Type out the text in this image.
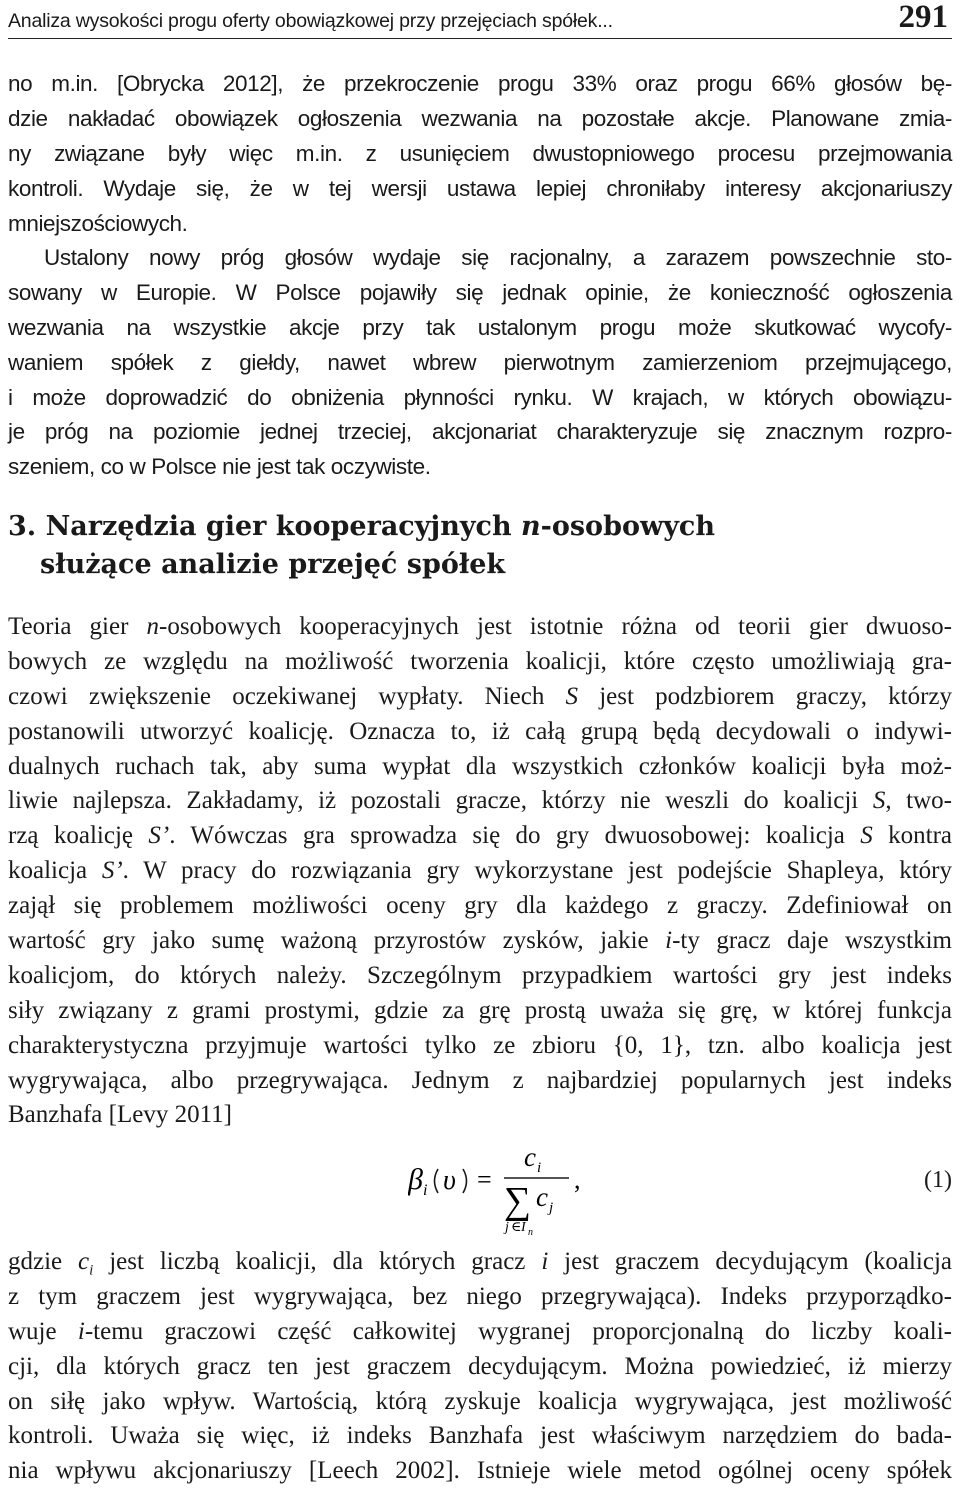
Analiza wysokości progu oferty obowiązkowej przy przejęciach spółek...	291
no m.in. [Obrycka 2012], że przekroczenie progu 33% oraz progu 66% głosów bę-
dzie nakładać obowiązek ogłoszenia wezwania na pozostałe akcje. Planowane zmia-
ny związane były więc m.in. z usunięciem dwustopniowego procesu przejmowania
kontroli. Wydaje się, że w tej wersji ustawa lepiej chroniłaby interesy akcjonariuszy
mniejszościowych.
Ustalony nowy próg głosów wydaje się racjonalny, a zarazem powszechnie sto-
sowany w Europie. W Polsce pojawiły się jednak opinie, że konieczność ogłoszenia
wezwania na wszystkie akcje przy tak ustalonym progu może skutkować wycofy-
waniem spółek z giełdy, nawet wbrew pierwotnym zamierzeniom przejmującego,
i może doprowadzić do obniżenia płynności rynku. W krajach, w których obowiązu-
je próg na poziomie jednej trzeciej, akcjonariat charakteryzuje się znacznym rozpro-
szeniem, co w Polsce nie jest tak oczywiste.
3. Narzędzia gier kooperacyjnych n-osobowych
służące analizie przejęć spółek
Teoria gier n-osobowych kooperacyjnych jest istotnie różna od teorii gier dwuoso-
bowych ze względu na możliwość tworzenia koalicji, które często umożliwiają gra-
czowi zwiększenie oczekiwanej wypłaty. Niech S jest podzbiorem graczy, którzy
postanowili utworzyć koalicję. Oznacza to, iż całą grupą będą decydowali o indywi-
dualnych ruchach tak, aby suma wypłat dla wszystkich członków koalicji była moż-
liwie najlepsza. Zakładamy, iż pozostali gracze, którzy nie weszli do koalicji S, two-
rzą koalicję S’. Wówczas gra sprowadza się do gry dwuosobowej: koalicja S kontra
koalicja S’. W pracy do rozwiązania gry wykorzystane jest podejście Shapleya, który
zajął się problemem możliwości oceny gry dla każdego z graczy. Zdefiniował on
wartość gry jako sumę ważoną przyrostów zysków, jakie i-ty gracz daje wszystkim
koalicjom, do których należy. Szczególnym przypadkiem wartości gry jest indeks
siły związany z grami prostymi, gdzie za grę prostą uważa się grę, w której funkcja
charakterystyczna przyjmuje wartości tylko ze zbioru {0, 1}, tzn. albo koalicja jest
wygrywająca, albo przegrywająca. Jednym z najbardziej popularnych jest indeks
Banzhafa [Levy 2011]
β i υ =
c i
∑ c j
j ∈ I n
,	(1)
gdzie $c_i$ jest liczbą koalicji, dla których gracz i jest graczem decydującym (koalicja
z tym graczem jest wygrywająca, bez niego przegrywająca). Indeks przyporządko-
wuje i-temu graczowi część całkowitej wygranej proporcjonalną do liczby koali-
cji, dla których gracz ten jest graczem decydującym. Można powiedzieć, iż mierzy
on siłę jako wpływ. Wartością, którą zyskuje koalicja wygrywająca, jest możliwość
kontroli. Uważa się więc, iż indeks Banzhafa jest właściwym narzędziem do bada-
nia wpływu akcjonariuszy [Leech 2002]. Istnieje wiele metod ogólnej oceny spółek
